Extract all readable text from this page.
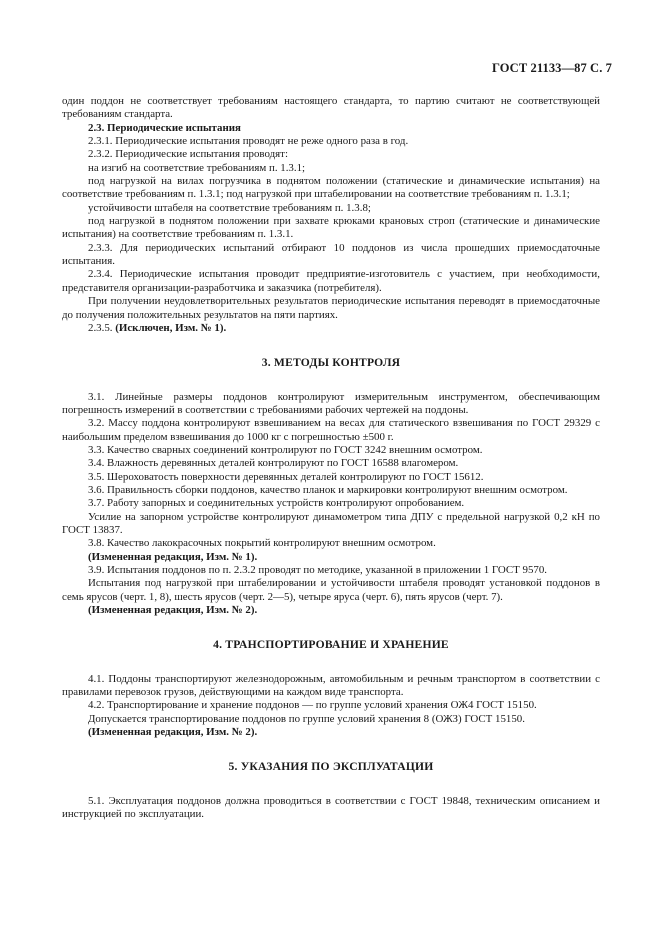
ГОСТ 21133—87 С. 7

один поддон не соответствует требованиям настоящего стандарта, то партию считают не соответствующей требованиям стандарта.

2.3. Периодические испытания

2.3.1. Периодические испытания проводят не реже одного раза в год.

2.3.2. Периодические испытания проводят:

на изгиб на соответствие требованиям п. 1.3.1;

под нагрузкой на вилах погрузчика в поднятом положении (статические и динамические испытания) на соответствие требованиям п. 1.3.1; под нагрузкой при штабелировании на соответствие требованиям п. 1.3.1;

устойчивости штабеля на соответствие требованиям п. 1.3.8;

под нагрузкой в поднятом положении при захвате крюками крановых строп (статические и динамические испытания) на соответствие требованиям п. 1.3.1.

2.3.3. Для периодических испытаний отбирают 10 поддонов из числа прошедших приемосдаточные испытания.

2.3.4. Периодические испытания проводит предприятие-изготовитель с участием, при необходимости, представителя организации-разработчика и заказчика (потребителя).

При получении неудовлетворительных результатов периодические испытания переводят в приемосдаточные до получения положительных результатов на пяти партиях.

2.3.5. (Исключен, Изм. № 1).

3. МЕТОДЫ КОНТРОЛЯ

3.1. Линейные размеры поддонов контролируют измерительным инструментом, обеспечивающим погрешность измерений в соответствии с требованиями рабочих чертежей на поддоны.

3.2. Массу поддона контролируют взвешиванием на весах для статического взвешивания по ГОСТ 29329 с наибольшим пределом взвешивания до 1000 кг с погрешностью ±500 г.

3.3. Качество сварных соединений контролируют по ГОСТ 3242 внешним осмотром.

3.4. Влажность деревянных деталей контролируют по ГОСТ 16588 влагомером.

3.5. Шероховатость поверхности деревянных деталей контролируют по ГОСТ 15612.

3.6. Правильность сборки поддонов, качество планок и маркировки контролируют внешним осмотром.

3.7. Работу запорных и соединительных устройств контролируют опробованием.

Усилие на запорном устройстве контролируют динамометром типа ДПУ с предельной нагрузкой 0,2 кН по ГОСТ 13837.

3.8. Качество лакокрасочных покрытий контролируют внешним осмотром.

(Измененная редакция, Изм. № 1).

3.9. Испытания поддонов по п. 2.3.2 проводят по методике, указанной в приложении 1 ГОСТ 9570.

Испытания под нагрузкой при штабелировании и устойчивости штабеля проводят установкой поддонов в семь ярусов (черт. 1, 8), шесть ярусов (черт. 2—5), четыре яруса (черт. 6), пять ярусов (черт. 7).

(Измененная редакция, Изм. № 2).

4. ТРАНСПОРТИРОВАНИЕ И ХРАНЕНИЕ

4.1. Поддоны транспортируют железнодорожным, автомобильным и речным транспортом в соответствии с правилами перевозок грузов, действующими на каждом виде транспорта.

4.2. Транспортирование и хранение поддонов — по группе условий хранения ОЖ4 ГОСТ 15150.

Допускается транспортирование поддонов по группе условий хранения 8 (ОЖЗ) ГОСТ 15150.

(Измененная редакция, Изм. № 2).

5. УКАЗАНИЯ ПО ЭКСПЛУАТАЦИИ

5.1. Эксплуатация поддонов должна проводиться в соответствии с ГОСТ 19848, техническим описанием и инструкцией по эксплуатации.
